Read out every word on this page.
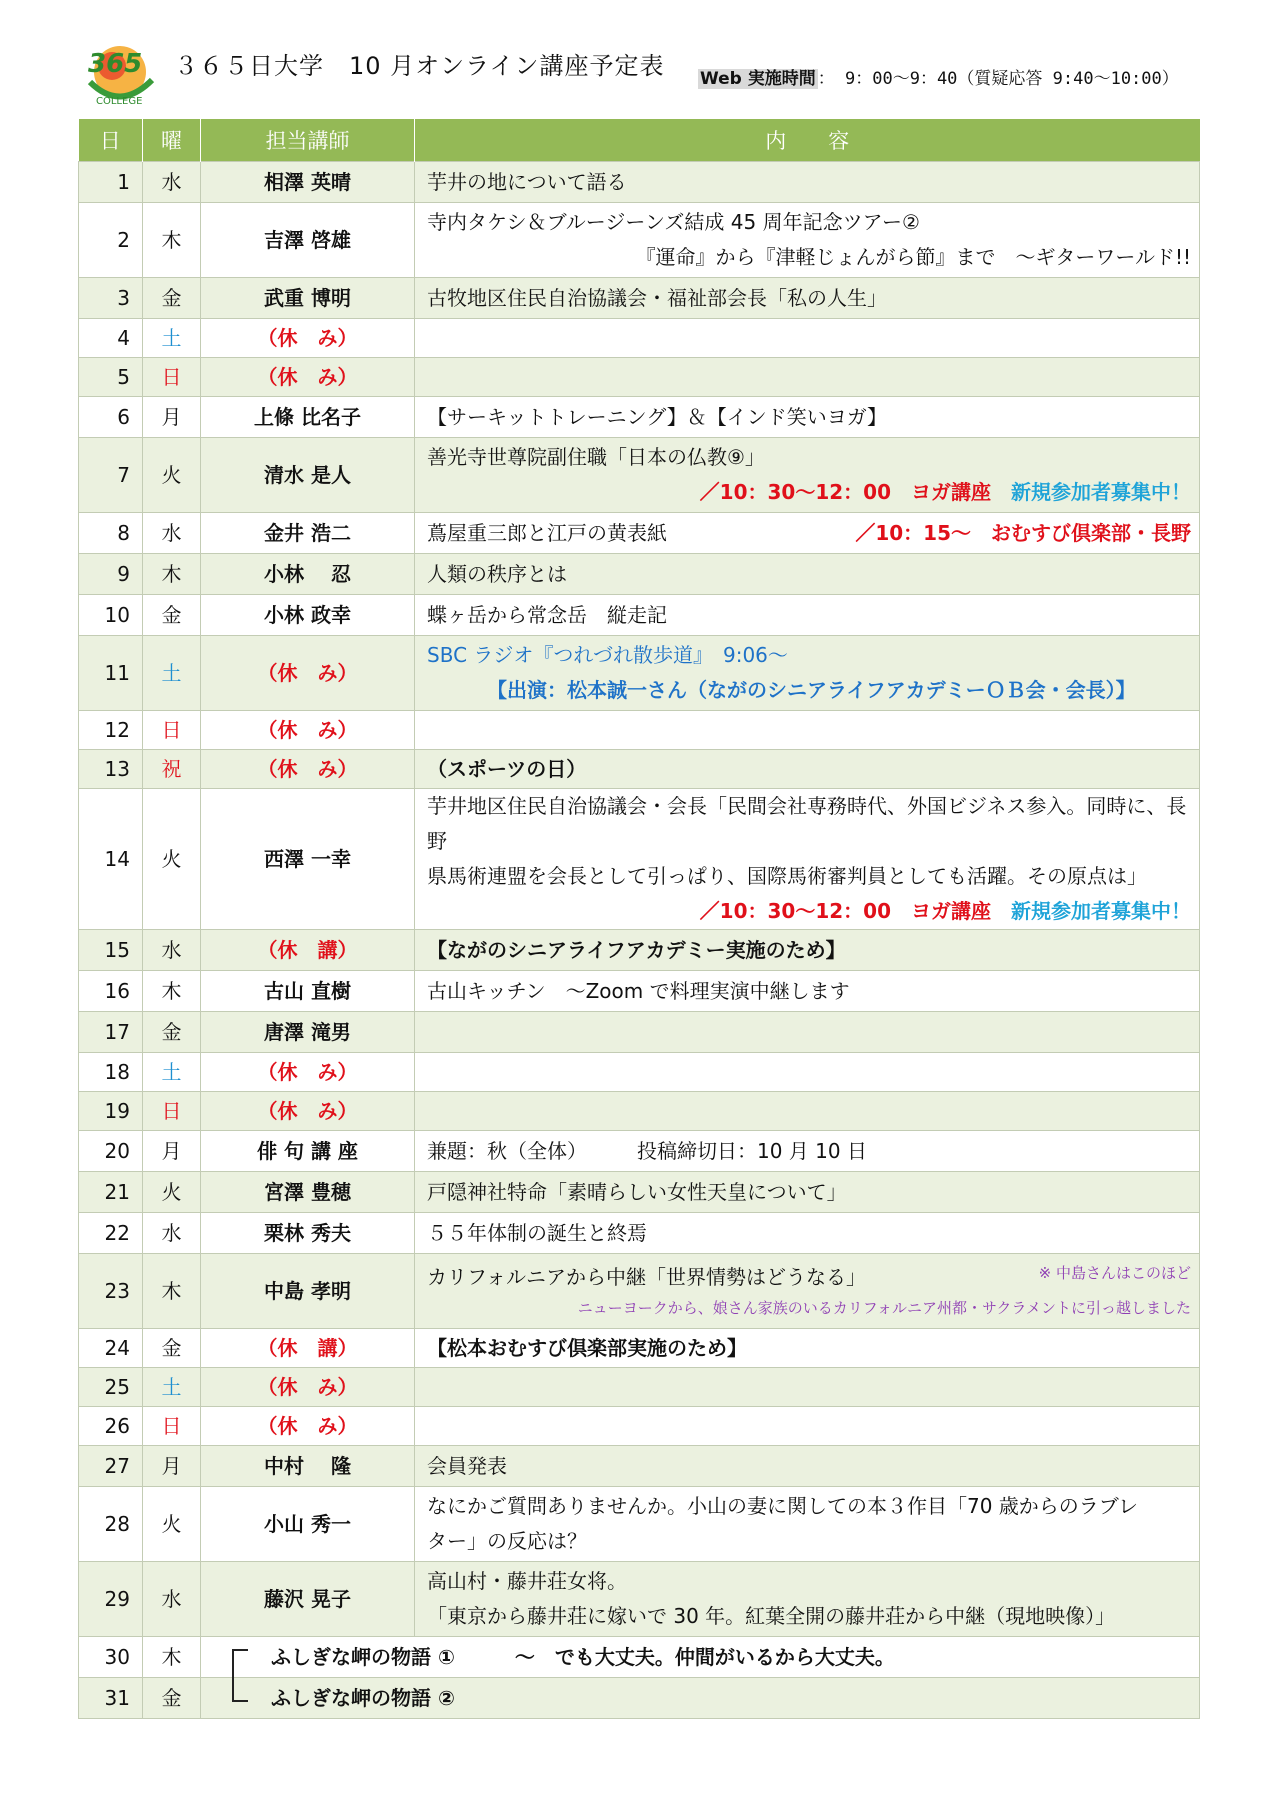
365
COLLEGE
３６５日大学　10 月オンライン講座予定表 Web 実施時間 ： 9：00〜9：40（質疑応答 9:40〜10:00）
日	曜	担当講師	内　　容
1	水	相澤 英晴	芋井の地について語る

2	木	吉澤 啓雄	寺内タケシ＆ブルージーンズ結成 45 周年記念ツアー②
『運命』から『津軽じょんがら節』まで　～ギターワールド!!

3	金	武重 博明	古牧地区住民自治協議会・福祉部会長「私の人生」

4	土	（休　み）	
5	日	（休　み）	
6	月	上條 比名子	【サーキットトレーニング】＆【インド笑いヨガ】

7	火	清水 是人	善光寺世尊院副住職「日本の仏教⑨」
／10：30〜12：00　ヨガ講座　 新規参加者募集中！

8	水	金井 浩二	蔦屋重三郎と江戸の黄表紙 ／10：15〜　おむすび倶楽部・長野

9	木	小林　 忍	人類の秩序とは

10	金	小林 政幸	蝶ヶ岳から常念岳　縦走記

11	土	（休　み）	SBC ラジオ『つれづれ散歩道』　9:06～
【出演：松本誠一さん（ながのシニアライフアカデミーＯＢ会・会長）】

12	日	（休　み）	
13	祝	（休　み）	（スポーツの日）

14	火	西澤 一幸	芋井地区住民自治協議会・会長「民間会社専務時代、外国ビジネス参入。同時に、長野
県馬術連盟を会長として引っぱり、国際馬術審判員としても活躍。その原点は」
／10：30〜12：00　ヨガ講座　 新規参加者募集中！

15	水	（休　講）	【ながのシニアライフアカデミー実施のため】

16	木	古山 直樹	古山キッチン　～Zoom で料理実演中継します

17	金	唐澤 滝男	
18	土	（休　み）	
19	日	（休　み）	
20	月	俳 句 講 座	兼題：秋（全体）　　　投稿締切日：10 月 10 日

21	火	宮澤 豊穂	戸隠神社特命「素晴らしい女性天皇について」

22	水	栗林 秀夫	５５年体制の誕生と終焉

23	木	中島 孝明	カリフォルニアから中継「世界情勢はどうなる」 ※ 中島さんはこのほど
ニューヨークから、娘さん家族のいるカリフォルニア州都・サクラメントに引っ越しました

24	金	（休　講）	【松本おむすび倶楽部実施のため】

25	土	（休　み）	
26	日	（休　み）	
27	月	中村　 隆	会員発表

28	火	小山 秀一	なにかご質問ありませんか。小山の妻に関しての本３作目「70 歳からのラブレ
ター」の反応は？

29	水	藤沢 晃子	高山村・藤井荘女将。
「東京から藤井荘に嫁いで 30 年。紅葉全開の藤井荘から中継（現地映像）」

30	木	ふしぎな岬の物語 ①　　　～　でも大丈夫。仲間がいるから大丈夫。	
31	金	ふしぎな岬の物語 ②	
